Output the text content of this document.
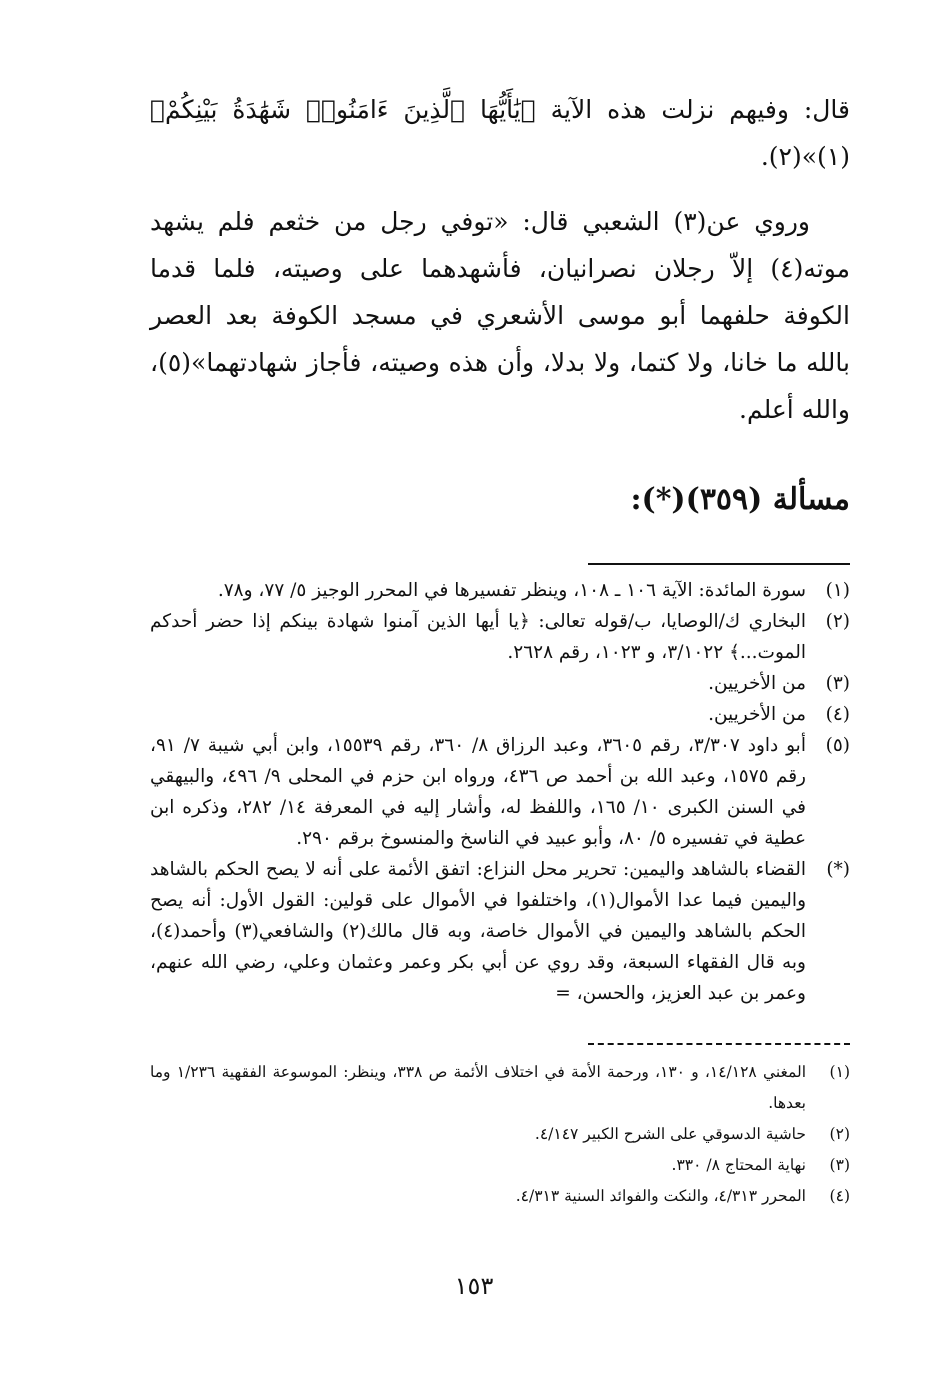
قال: وفيهم نزلت هذه الآية ﴿يَٰأَيُّهَا ٱلَّذِينَ ءَامَنُوا۟ شَهَٰدَةُ بَيْنِكُمْ﴾(١)»(٢).

وروي عن(٣) الشعبي قال: «توفي رجل من خثعم فلم يشهد موته(٤) إلاّ رجلان نصرانيان، فأشهدهما على وصيته، فلما قدما الكوفة حلفهما أبو موسى الأشعري في مسجد الكوفة بعد العصر بالله ما خانا، ولا كتما، ولا بدلا، وأن هذه وصيته، فأجاز شهادتهما»(٥)، والله أعلم.

مسألة (٣٥٩)(*):
(١)
سورة المائدة: الآية ١٠٦ ـ ١٠٨، وينظر تفسيرها في المحرر الوجيز ٥/ ٧٧، و٧٨.
(٢)
البخاري ك/الوصايا، ب/قوله تعالى: ﴿يا أيها الذين آمنوا شهادة بينكم إذا حضر أحدكم الموت...﴾ ٣/١٠٢٢، و ١٠٢٣، رقم ٢٦٢٨.
(٣)
من الأخريين.
(٤)
من الأخريين.
(٥)
أبو داود ٣/٣٠٧، رقم ٣٦٠٥، وعبد الرزاق ٨/ ٣٦٠، رقم ١٥٥٣٩، وابن أبي شيبة ٧/ ٩١، رقم ١٥٧٥، وعبد الله بن أحمد ص ٤٣٦، ورواه ابن حزم في المحلى ٩/ ٤٩٦، والبيهقي في السنن الكبرى ١٠/ ١٦٥، واللفظ له، وأشار إليه في المعرفة ١٤/ ٢٨٢، وذكره ابن عطية في تفسيره ٥/ ٨٠، وأبو عبيد في الناسخ والمنسوخ برقم ٢٩٠.
(*)
القضاء بالشاهد واليمين: تحرير محل النزاع: اتفق الأئمة على أنه لا يصح الحكم بالشاهد واليمين فيما عدا الأموال(١)، واختلفوا في الأموال على قولين: القول الأول: أنه يصح الحكم بالشاهد واليمين في الأموال خاصة، وبه قال مالك(٢) والشافعي(٣) وأحمد(٤)، وبه قال الفقهاء السبعة، وقد روي عن أبي بكر وعمر وعثمان وعلي، رضي الله عنهم، وعمر بن عبد العزيز، والحسن، =
(١)
المغني ١٤/١٢٨، و ١٣٠، ورحمة الأمة في اختلاف الأئمة ص ٣٣٨، وينظر: الموسوعة الفقهية ١/٢٣٦ وما بعدها.
(٢)
حاشية الدسوقي على الشرح الكبير ٤/١٤٧.
(٣)
نهاية المحتاج ٨/ ٣٣٠.
(٤)
المحرر ٤/٣١٣، والنكت والفوائد السنية ٤/٣١٣.
١٥٣
